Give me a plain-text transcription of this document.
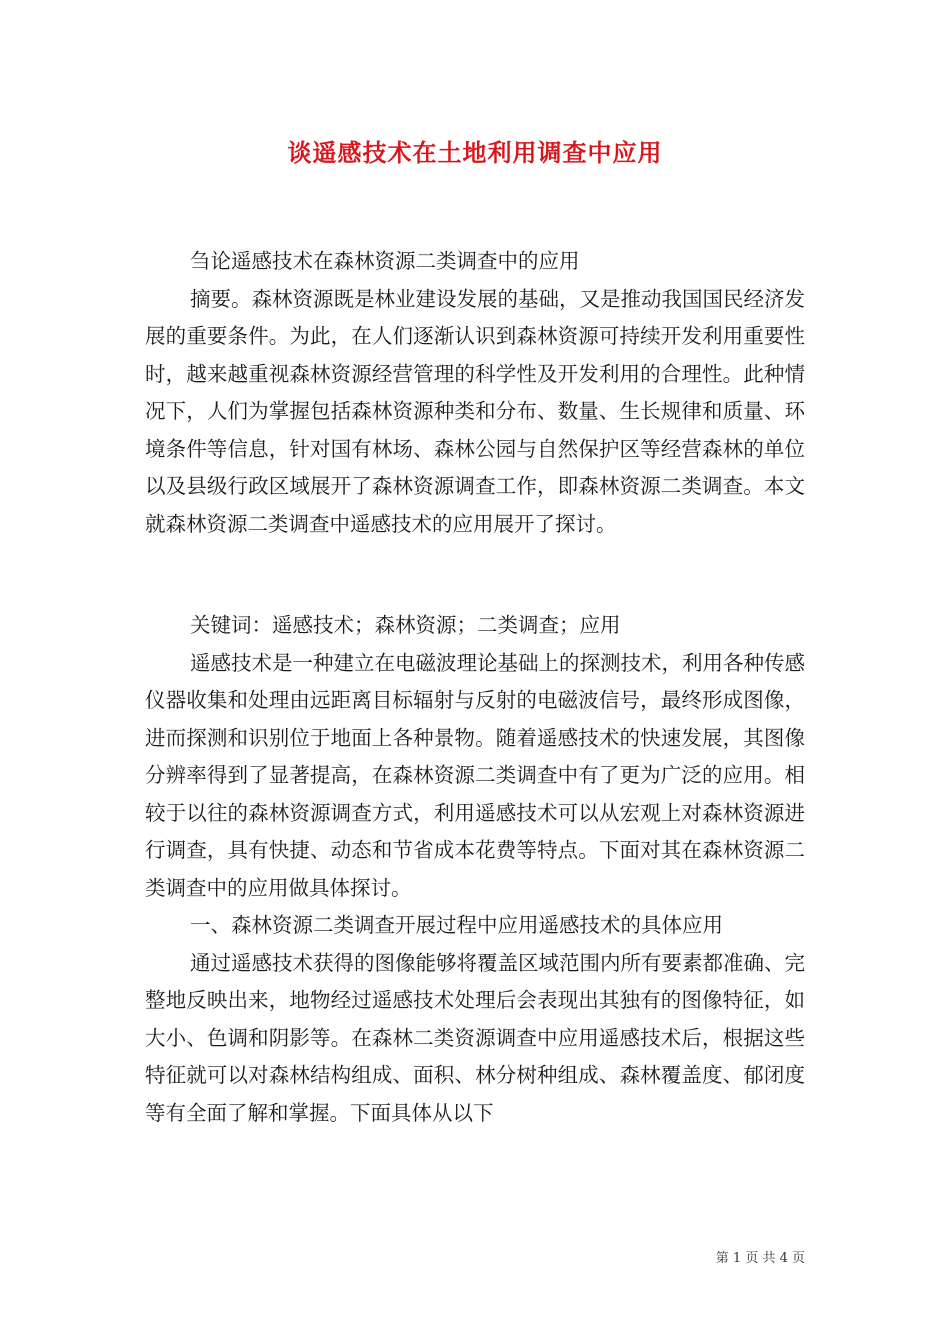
谈遥感技术在土地利用调查中应用

刍论遥感技术在森林资源二类调查中的应用

摘要。森林资源既是林业建设发展的基础，又是推动我国国民经济发展的重要条件。为此，在人们逐渐认识到森林资源可持续开发利用重要性时，越来越重视森林资源经营管理的科学性及开发利用的合理性。此种情况下，人们为掌握包括森林资源种类和分布、数量、生长规律和质量、环境条件等信息，针对国有林场、森林公园与自然保护区等经营森林的单位以及县级行政区域展开了森林资源调查工作，即森林资源二类调查。本文就森林资源二类调查中遥感技术的应用展开了探讨。

关键词：遥感技术；森林资源；二类调查；应用

遥感技术是一种建立在电磁波理论基础上的探测技术，利用各种传感仪器收集和处理由远距离目标辐射与反射的电磁波信号，最终形成图像，进而探测和识别位于地面上各种景物。随着遥感技术的快速发展，其图像分辨率得到了显著提高，在森林资源二类调查中有了更为广泛的应用。相较于以往的森林资源调查方式，利用遥感技术可以从宏观上对森林资源进行调查，具有快捷、动态和节省成本花费等特点。下面对其在森林资源二类调查中的应用做具体探讨。

一、森林资源二类调查开展过程中应用遥感技术的具体应用

通过遥感技术获得的图像能够将覆盖区域范围内所有要素都准确、完整地反映出来，地物经过遥感技术处理后会表现出其独有的图像特征，如大小、色调和阴影等。在森林二类资源调查中应用遥感技术后，根据这些特征就可以对森林结构组成、面积、林分树种组成、森林覆盖度、郁闭度等有全面了解和掌握。下面具体从以下

第 1 页 共 4 页
